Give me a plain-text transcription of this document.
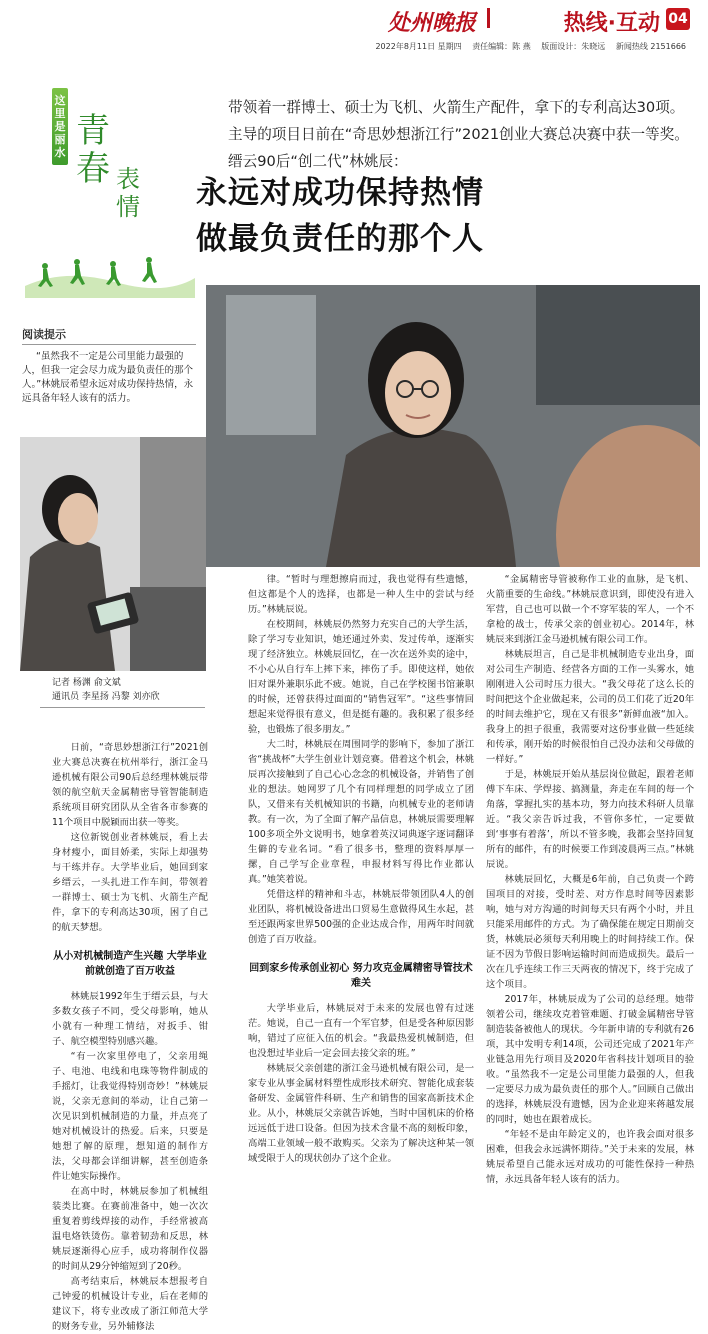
处州晚报	热线·互动 04
2022年8月11日 星期四 责任编辑：陈 燕 版面设计：朱晓远 新闻热线 2151666
这里是丽水
青春 表情
带领着一群博士、硕士为飞机、火箭生产配件，拿下的专利高达30项。主导的项目日前在“奇思妙想浙江行”2021创业大赛总决赛中获一等奖。缙云90后“创二代”林姚辰：
永远对成功保持热情
做最负责任的那个人
阅读提示
“虽然我不一定是公司里能力最强的人，但我一定会尽力成为最负责任的那个人。”林姚辰希望永远对成功保持热情，永远具备年轻人该有的活力。
记者 杨渊 俞文斌
通讯员 李星扬 冯黎 刘亦欣

日前，“奇思妙想浙江行”2021创业大赛总决赛在杭州举行，浙江金马逊机械有限公司90后总经理林姚辰带领的航空航天金属精密导管智能制造系统项目研究团队从全省各市参赛的11个项目中脱颖而出获一等奖。

这位新锐创业者林姚辰，看上去身材瘦小，面目娇柔，实际上却强势与干练并存。大学毕业后，她回到家乡缙云，一头扎进工作车间，带领着一群博士、硕士为飞机、火箭生产配件，拿下的专利高达30项，困了自己的航天梦想。

从小对机械制造产生兴趣 大学毕业前就创造了百万收益

林姚辰1992年生于缙云县，与大多数女孩子不同，受父母影响，她从小就有一种理工情结，对扳手、钳子、航空模型特别感兴趣。

“有一次家里停电了，父亲用绳子、电池、电线和电珠等物件制成的手摇灯，让我觉得特别奇妙！”林姚辰说，父亲无意间的举动，让自己第一次见识到机械制造的力量，并点亮了她对机械设计的热爱。后来，只要是她想了解的原理，想知道的制作方法，父母都会详细讲解，甚至创造条件让她实际操作。

在高中时，林姚辰参加了机械组装类比赛。在赛前准备中，她一次次重复着剪线焊接的动作，手经常被高温电烙铁烫伤。靠着韧劲和反思，林姚辰逐渐得心应手，成功将制作仪器的时间从29分钟缩短到了20秒。

高考结束后，林姚辰本想报考自己钟爱的机械设计专业，后在老师的建议下，将专业改成了浙江师范大学的财务专业，另外辅修法

律。“暂时与理想擦肩而过，我也觉得有些遗憾，但这都是个人的选择，也都是一种人生中的尝试与经历。”林姚辰说。

在校期间，林姚辰仍然努力充实自己的大学生活，除了学习专业知识，她还通过外卖、发过传单，逐渐实现了经济独立。林姚辰回忆，在一次在送外卖的途中，不小心从自行车上摔下来，摔伤了手。即使这样，她依旧对课外兼职乐此不疲。她说，自己在学校图书馆兼职的时候，还曾获得过面面的“销售冠军”。“这些事情回想起来觉得很有意义，但是挺有趣的。我积累了很多经验，也锻炼了很多朋友。”

大二时，林姚辰在周围同学的影响下，参加了浙江省“挑战杯”大学生创业计划竞赛。借着这个机会，林姚辰再次接触到了自己心心念念的机械设备，并销售了创业的想法。她网罗了几个有同样理想的同学成立了团队，又借来有关机械知识的书籍，向机械专业的老师请教。有一次，为了全面了解产品信息，林姚辰需要理解100多项全外文说明书，她拿着英汉词典逐字逐词翻译生僻的专业名词。“看了很多书，整理的资料厚厚一摞，自己学写企业章程，申报材料写得比作业都认真。”她笑着说。

凭借这样的精神和斗志，林姚辰带领团队4人的创业团队，将机械设备进出口贸易生意做得风生水起，甚至还跟两家世界500强的企业达成合作，用两年时间就创造了百万收益。

回到家乡传承创业初心 努力攻克金属精密导管技术难关

大学毕业后，林姚辰对于未来的发展也曾有过迷茫。她说，自己一直有一个军官梦，但是受各种原因影响，错过了应征入伍的机会。“我最热爱机械制造，但也没想过毕业后一定会回去接父亲的班。”

林姚辰父亲创建的浙江金马逊机械有限公司，是一家专业从事金属材料塑性成形技术研究、智能化成套装备研发、金属管件科研、生产和销售的国家高新技术企业。从小，林姚辰父亲就告诉她，当时中国机床的价格远远低于进口设备。但因为技术含量不高的刻板印象，高端工业领域一般不敢购买。父亲为了解决这种某一领域受限于人的现状创办了这个企业。

“金属精密导管被称作工业的血脉，是飞机、火箭重要的生命线。”林姚辰意识到，即使没有进入军营，自己也可以做一个不穿军装的军人，一个不拿枪的战士，传承父亲的创业初心。2014年，林姚辰来到浙江金马逊机械有限公司工作。

林姚辰坦言，自己是非机械制造专业出身，面对公司生产制造、经营各方面的工作一头雾水，她刚刚进入公司时压力很大。“我父母花了这么长的时间把这个企业做起来，公司的员工们花了近20年的时间去维护它，现在又有很多”新鲜血液“加入。我身上的担子很重，我需要对这份事业做一些延续和传承，刚开始的时候很怕自己没办法和父母做的一样好。”

于是，林姚辰开始从基层岗位做起，跟着老师傅下车床、学焊接、搞测量，奔走在车间的每一个角落，掌握扎实的基本功，努力向技术科研人员靠近。“我父亲告诉过我，不管你多忙，一定要做到‘事事有着落’，所以不管多晚，我都会坚持回复所有的邮件，有的时候要工作到凌晨两三点。”林姚辰说。

林姚辰回忆，大概是6年前，自己负责一个跨国项目的对接，受时差、对方作息时间等因素影响，她与对方沟通的时间每天只有两个小时，并且只能采用邮件的方式。为了确保能在规定日期前交货，林姚辰必须每天利用晚上的时间持续工作。保证不因为节假日影响运输时间而造成损失。最后一次在几乎连续工作三天两夜的情况下，终于完成了这个项目。

2017年，林姚辰成为了公司的总经理。她带领着公司，继续攻克着管难题、打破金属精密导管制造装备被他人的现状。今年新申请的专利就有26项，其中发明专利14项，公司还完成了2021年产业链急用先行项目及2020年省科技计划项目的验收。“虽然我不一定是公司里能力最强的人，但我一定要尽力成为最负责任的那个人。”回顾自己做出的选择，林姚辰没有遗憾，因为企业迎来蒋越发展的同时，她也在跟着成长。

“年轻不是由年龄定义的，也许我会面对很多困难，但我会永远满怀期待。”关于未来的发展，林姚辰希望自己能永远对成功的可能性保持一种热情，永远具备年轻人该有的活力。
